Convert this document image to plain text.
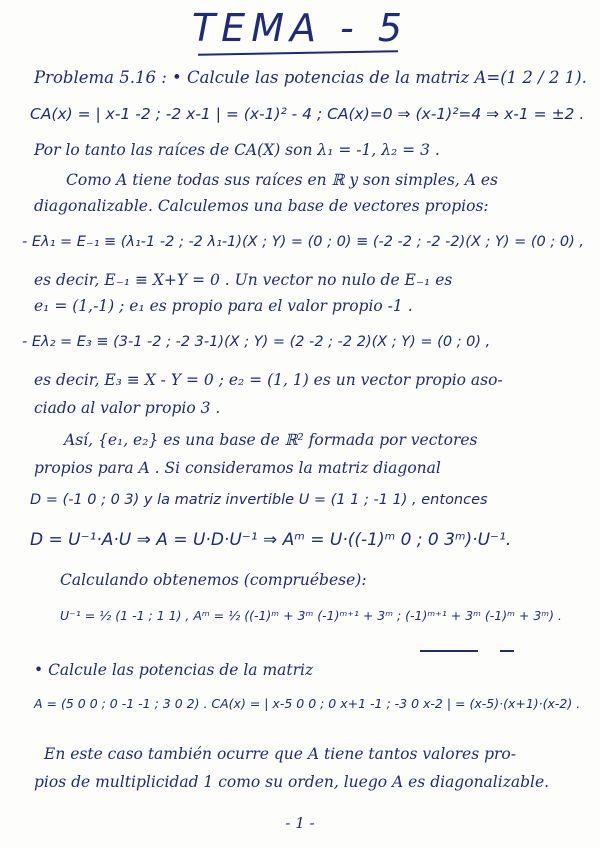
TEMA - 5
Problema 5.16 : • Calcule las potencias de la matriz A=(1 2 / 2 1).
CA(x) = | x-1 -2 ; -2 x-1 | = (x-1)² - 4 ; CA(x)=0 ⇒ (x-1)²=4 ⇒ x-1 = ±2 .
Por lo tanto las raíces de CA(X) son λ₁ = -1, λ₂ = 3 .
Como A tiene todas sus raíces en ℝ y son simples, A es
diagonalizable. Calculemos una base de vectores propios:
- Eλ₁ = E₋₁ ≡ (λ₁-1 -2 ; -2 λ₁-1)(X ; Y) = (0 ; 0) ≡ (-2 -2 ; -2 -2)(X ; Y) = (0 ; 0) ,
es decir, E₋₁ ≡ X+Y = 0 . Un vector no nulo de E₋₁ es
e₁ = (1,-1) ; e₁ es propio para el valor propio -1 .
- Eλ₂ = E₃ ≡ (3-1 -2 ; -2 3-1)(X ; Y) = (2 -2 ; -2 2)(X ; Y) = (0 ; 0) ,
es decir, E₃ ≡ X - Y = 0 ; e₂ = (1, 1) es un vector propio aso-
ciado al valor propio 3 .
Así, {e₁, e₂} es una base de ℝ² formada por vectores
propios para A . Si consideramos la matriz diagonal
D = (-1 0 ; 0 3) y la matriz invertible U = (1 1 ; -1 1) , entonces
D = U⁻¹·A·U ⇒ A = U·D·U⁻¹ ⇒ Aᵐ = U·((-1)ᵐ 0 ; 0 3ᵐ)·U⁻¹.
Calculando obtenemos (compruébese):
U⁻¹ = ½ (1 -1 ; 1 1) , Aᵐ = ½ ((-1)ᵐ + 3ᵐ (-1)ᵐ⁺¹ + 3ᵐ ; (-1)ᵐ⁺¹ + 3ᵐ (-1)ᵐ + 3ᵐ) .
• Calcule las potencias de la matriz
A = (5 0 0 ; 0 -1 -1 ; 3 0 2) . CA(x) = | x-5 0 0 ; 0 x+1 -1 ; -3 0 x-2 | = (x-5)·(x+1)·(x-2) .
En este caso también ocurre que A tiene tantos valores pro-
pios de multiplicidad 1 como su orden, luego A es diagonalizable.
- 1 -
